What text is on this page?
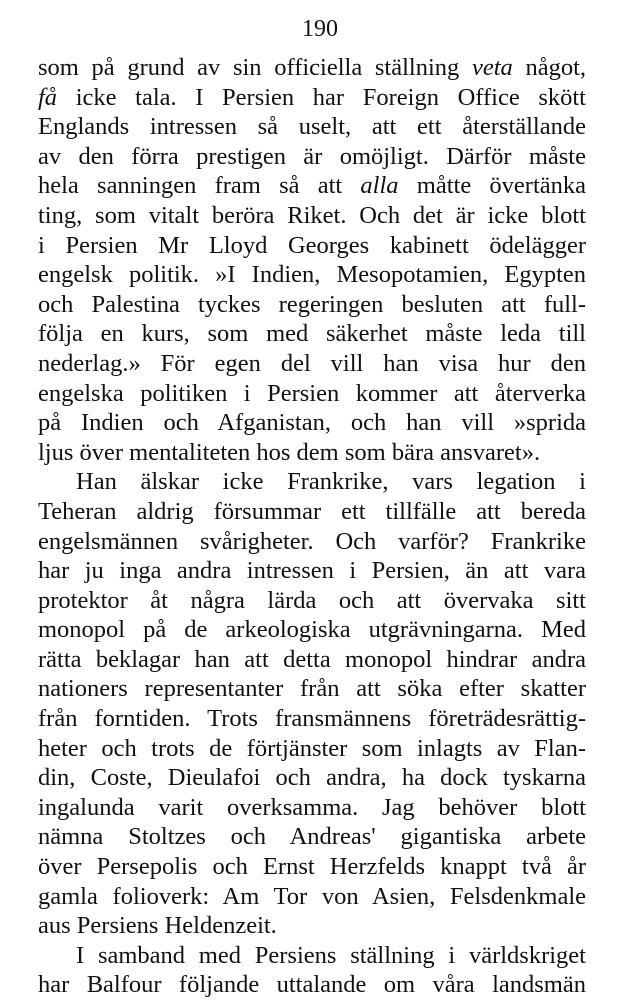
190
som på grund av sin officiella ställning veta något,
få icke tala. I Persien har Foreign Office skött
Englands intressen så uselt, att ett återställande
av den förra prestigen är omöjligt. Därför måste
hela sanningen fram så att alla måtte övertänka
ting, som vitalt beröra Riket. Och det är icke blott
i Persien Mr Lloyd Georges kabinett ödelägger
engelsk politik. »I Indien, Mesopotamien, Egypten
och Palestina tyckes regeringen besluten att full-
följa en kurs, som med säkerhet måste leda till
nederlag.» För egen del vill han visa hur den
engelska politiken i Persien kommer att återverka
på Indien och Afganistan, och han vill »sprida
ljus över mentaliteten hos dem som bära ansvaret».
Han älskar icke Frankrike, vars legation i
Teheran aldrig försummar ett tillfälle att bereda
engelsmännen svårigheter. Och varför? Frankrike
har ju inga andra intressen i Persien, än att vara
protektor åt några lärda och att övervaka sitt
monopol på de arkeologiska utgrävningarna. Med
rätta beklagar han att detta monopol hindrar andra
nationers representanter från att söka efter skatter
från forntiden. Trots fransmännens företrädesrättig-
heter och trots de förtjänster som inlagts av Flan-
din, Coste, Dieulafoi och andra, ha dock tyskarna
ingalunda varit overksamma. Jag behöver blott
nämna Stoltzes och Andreas' gigantiska arbete
över Persepolis och Ernst Herzfelds knappt två år
gamla folioverk: Am Tor von Asien, Felsdenkmale
aus Persiens Heldenzeit.
I samband med Persiens ställning i världskriget
har Balfour följande uttalande om våra landsmän
